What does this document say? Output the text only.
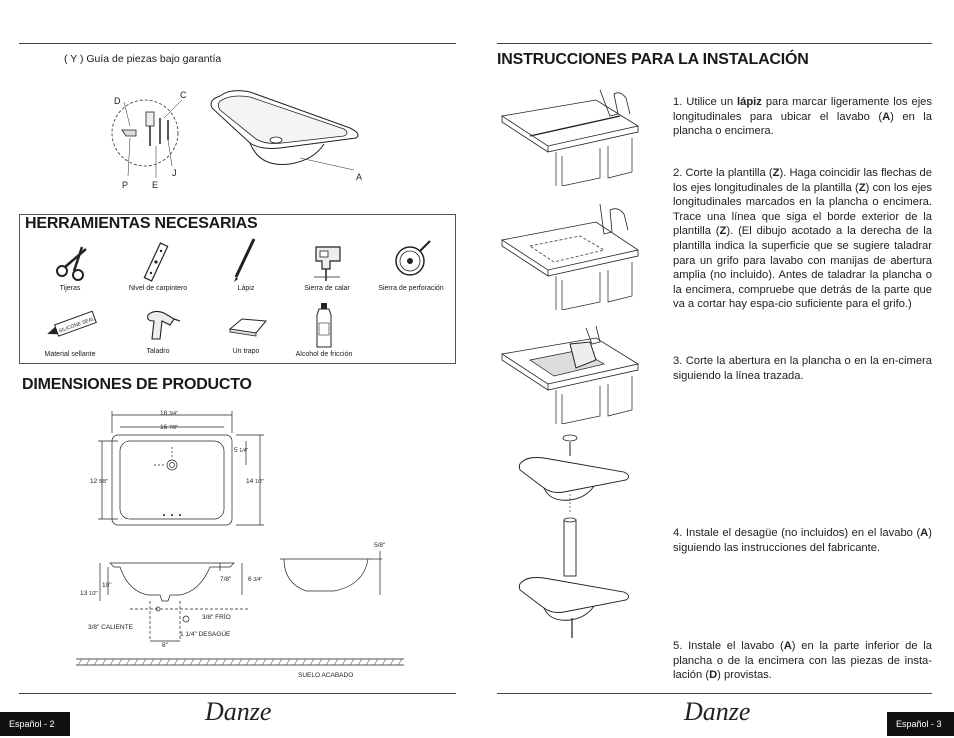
( Y ) Guía de piezas bajo garantía
D
C
J
P	E
A
HERRAMIENTAS NECESARIAS
Tijeras	Nivel de carpintero	Lápiz	Sierra de calar	Sierra de perforación
SILICONE SEAL
Material sellante	Taladro	Un trapo	Alcohol de fricción
DIMENSIONES DE PRODUCTO
18 3/4"
16 7/8"
5 1/4"
12 5/8"	14 1/2"
5/8"
10"
7/8"
13 1/2"
6 3/4"
3/8" FRÍO
3/8" CALIENTE
1 1/4" DESAGÜE
8"
SUELO ACABADO
Español - 2	Danze
INSTRUCCIONES PARA LA INSTALACIÓN
1. Utilice un lápiz para marcar ligeramente los ejes longitudinales para ubicar el lavabo (A) en la plancha o encimera.
2. Corte la plantilla (Z). Haga coincidir las flechas de los ejes longitudinales de la plantilla (Z) con los ejes longitudinales marcados en la plancha o encimera. Trace una línea que siga el borde exterior de la plantilla (Z). (El dibujo acotado a la derecha de la plantilla indica la superficie que se sugiere taladrar para un grifo para lavabo con manijas de abertura amplia (no incluido). Antes de taladrar la plancha o la encimera, compruebe que detrás de la parte que va a cortar hay espa-cio suficiente para el grifo.)
3. Corte la abertura en la plancha o en la en-cimera siguiendo la línea trazada.
4. Instale el desagüe (no incluidos) en el lavabo (A) siguiendo las instrucciones del fabricante.
5. Instale el lavabo (A) en la parte inferior de la plancha o de la encimera con las piezas de insta-lación (D) provistas.
Danze	Español - 3
